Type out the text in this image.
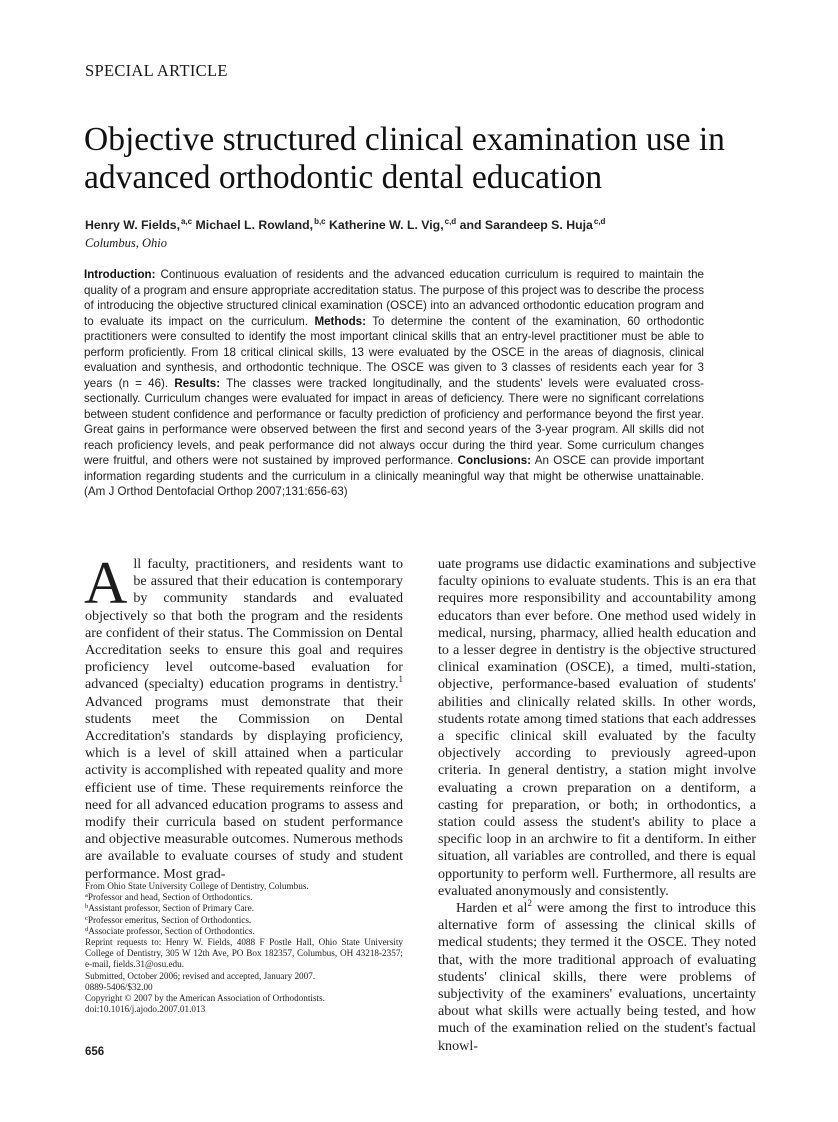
SPECIAL ARTICLE
Objective structured clinical examination use in advanced orthodontic dental education
Henry W. Fields,$^{a,c}$ Michael L. Rowland,$^{b,c}$ Katherine W. L. Vig,$^{c,d}$ and Sarandeep S. Huja$^{c,d}$
Columbus, Ohio
Introduction: Continuous evaluation of residents and the advanced education curriculum is required to maintain the quality of a program and ensure appropriate accreditation status. The purpose of this project was to describe the process of introducing the objective structured clinical examination (OSCE) into an advanced orthodontic education program and to evaluate its impact on the curriculum. Methods: To determine the content of the examination, 60 orthodontic practitioners were consulted to identify the most important clinical skills that an entry-level practitioner must be able to perform proficiently. From 18 critical clinical skills, 13 were evaluated by the OSCE in the areas of diagnosis, clinical evaluation and synthesis, and orthodontic technique. The OSCE was given to 3 classes of residents each year for 3 years (n = 46). Results: The classes were tracked longitudinally, and the students' levels were evaluated cross-sectionally. Curriculum changes were evaluated for impact in areas of deficiency. There were no significant correlations between student confidence and performance or faculty prediction of proficiency and performance beyond the first year. Great gains in performance were observed between the first and second years of the 3-year program. All skills did not reach proficiency levels, and peak performance did not always occur during the third year. Some curriculum changes were fruitful, and others were not sustained by improved performance. Conclusions: An OSCE can provide important information regarding students and the curriculum in a clinically meaningful way that might be otherwise unattainable. (Am J Orthod Dentofacial Orthop 2007;131:656-63)

All faculty, practitioners, and residents want to be assured that their education is contemporary by community standards and evaluated objectively so that both the program and the residents are confident of their status. The Commission on Dental Accreditation seeks to ensure this goal and requires proficiency level outcome-based evaluation for advanced (specialty) education programs in dentistry.$^1$ Advanced programs must demonstrate that their students meet the Commission on Dental Accreditation's standards by displaying proficiency, which is a level of skill attained when a particular activity is accomplished with repeated quality and more efficient use of time. These requirements reinforce the need for all advanced education programs to assess and modify their curricula based on student performance and objective measurable outcomes. Numerous methods are available to evaluate courses of study and student performance. Most grad-

uate programs use didactic examinations and subjective faculty opinions to evaluate students. This is an era that requires more responsibility and accountability among educators than ever before. One method used widely in medical, nursing, pharmacy, allied health education and to a lesser degree in dentistry is the objective structured clinical examination (OSCE), a timed, multi-station, objective, performance-based evaluation of students' abilities and clinically related skills. In other words, students rotate among timed stations that each addresses a specific clinical skill evaluated by the faculty objectively according to previously agreed-upon criteria. In general dentistry, a station might involve evaluating a crown preparation on a dentiform, a casting for preparation, or both; in orthodontics, a station could assess the student's ability to place a specific loop in an archwire to fit a dentiform. In either situation, all variables are controlled, and there is equal opportunity to perform well. Furthermore, all results are evaluated anonymously and consistently.

Harden et $al^2$ were among the first to introduce this alternative form of assessing the clinical skills of medical students; they termed it the OSCE. They noted that, with the more traditional approach of evaluating students' clinical skills, there were problems of subjectivity of the examiners' evaluations, uncertainty about what skills were actually being tested, and how much of the examination relied on the student's factual knowl-

From Ohio State University College of Dentistry, Columbus.
$^a$Professor and head, Section of Orthodontics.
$^b$Assistant professor, Section of Primary Care.
$^c$Professor emeritus, Section of Orthodontics.
$^d$Associate professor, Section of Orthodontics.
Reprint requests to: Henry W. Fields, 4088 F Postle Hall, Ohio State University College of Dentistry, 305 W 12th Ave, PO Box 182357, Columbus, OH 43218-2357; e-mail, fields.31@osu.edu.
Submitted, October 2006; revised and accepted, January 2007.
0889-5406/$32.00
Copyright © 2007 by the American Association of Orthodontists.
doi:10.1016/j.ajodo.2007.01.013
656
